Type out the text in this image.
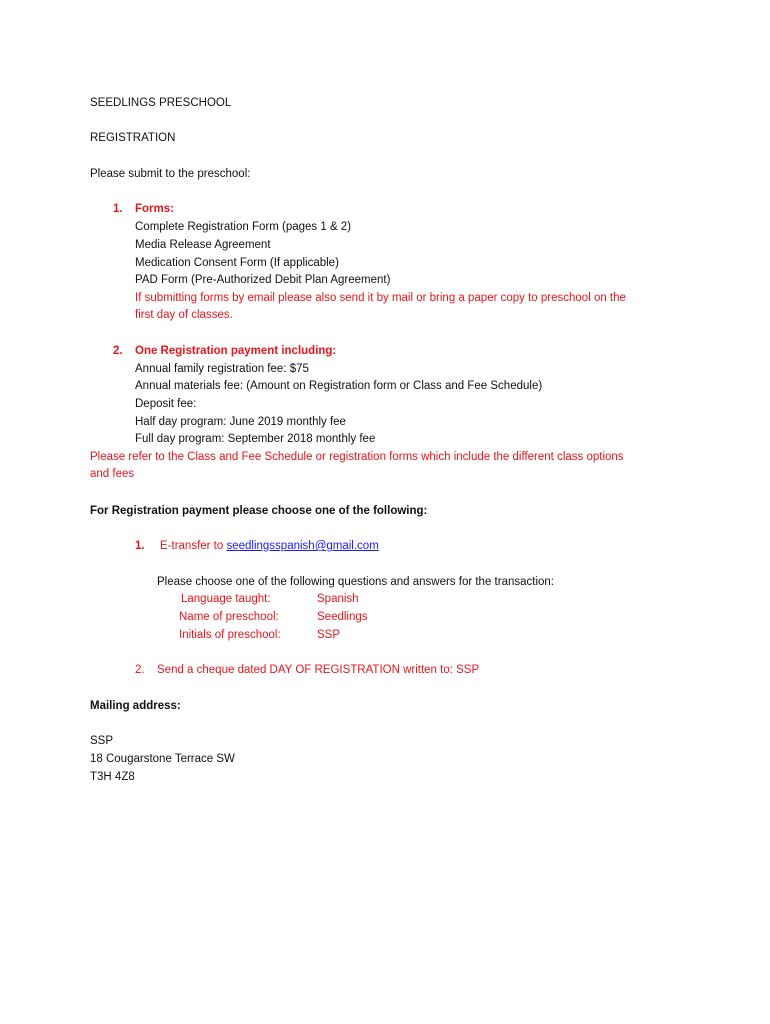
SEEDLINGS PRESCHOOL
REGISTRATION
Please submit to the preschool:
1. Forms:
Complete Registration Form (pages 1 & 2)
Media Release Agreement
Medication Consent Form (If applicable)
PAD Form (Pre-Authorized Debit Plan Agreement)
If submitting forms by email please also send it by mail or bring a paper copy to preschool on the
first day of classes.
2. One Registration payment including:
Annual family registration fee: $75
Annual materials fee: (Amount on Registration form or Class and Fee Schedule)
Deposit fee:
Half day program: June 2019 monthly fee
Full day program: September 2018 monthly fee
Please refer to the Class and Fee Schedule or registration forms which include the different class options
and fees
For Registration payment please choose one of the following:
1. E-transfer to seedlingsspanish@gmail.com
Please choose one of the following questions and answers for the transaction:
Language taught:	Spanish
Name of preschool:	Seedlings
Initials of preschool:	SSP
2. Send a cheque dated DAY OF REGISTRATION written to: SSP
Mailing address:
SSP
18 Cougarstone Terrace SW
T3H 4Z8
